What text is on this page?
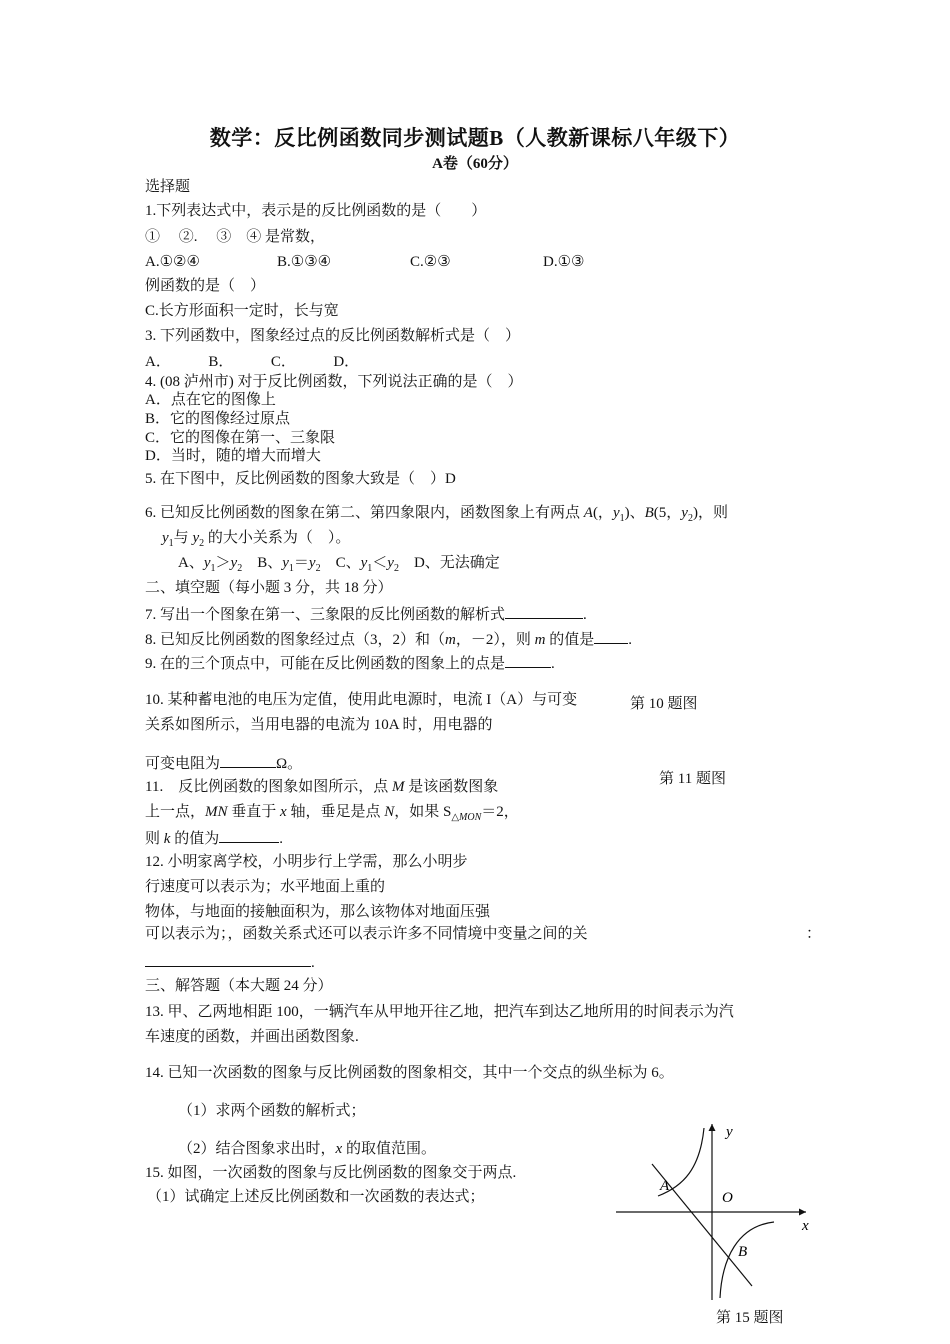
数学：反比例函数同步测试题B（人教新课标八年级下）
A卷（60分）
选择题
1.下列表达式中，表示是的反比例函数的是（　　）
①　 ②.　 ③　④ 是常数，
A.①②④	B.①③④	C.②③	D.①③
例函数的是（　）
C.长方形面积一定时，长与宽
3. 下列函数中，图象经过点的反比例函数解析式是（　）
A．　　　B．　　　C．　　　D．
4. (08 泸州市) 对于反比例函数，下列说法正确的是（　）
A．点在它的图像上
B．它的图像经过原点
C．它的图像在第一、三象限
D．当时，随的增大而增大
5. 在下图中，反比例函数的图象大致是（　）D
6. 已知反比例函数的图象在第二、第四象限内，函数图象上有两点 A(，$y_1$)、B(5，$y_2$)，则
$y_1$与 $y_2$ 的大小关系为（　）。
A、$y_1>y_2$　B、$y_1=y_2$　C、$y_1<y_2$　D、无法确定
二、填空题（每小题 3 分，共 18 分）
7. 写出一个图象在第一、三象限的反比例函数的解析式	.
8. 已知反比例函数的图象经过点（3，2）和（m，－2），则 m 的值是 .
9. 在的三个顶点中，可能在反比例函数的图象上的点是	.
10. 某种蓄电池的电压为定值，使用此电源时，电流 I（A）与可变	第 10 题图
关系如图所示，当用电器的电流为 10A 时，用电器的
可变电阻为	Ω。
11.　反比例函数的图象如图所示，点 M 是该函数图象	第 11 题图
上一点，MN 垂直于 x 轴，垂足是点 N，如果 $S_{\triangle MON}=2$，
则 k 的值为	.
12. 小明家离学校，小明步行上学需，那么小明步
行速度可以表示为；水平地面上重的
物体，与地面的接触面积为，那么该物体对地面压强
可以表示为；，函数关系式还可以表示许多不同情境中变量之间的关	：
.
三、解答题（本大题 24 分）
13. 甲、乙两地相距 100，一辆汽车从甲地开往乙地，把汽车到达乙地所用的时间表示为汽
车速度的函数，并画出函数图象.
14. 已知一次函数的图象与反比例函数的图象相交，其中一个交点的纵坐标为 6。
（1）求两个函数的解析式；
（2）结合图象求出时，x 的取值范围。
15. 如图，一次函数的图象与反比例函数的图象交于两点.
（1）试确定上述反比例函数和一次函数的表达式；
y
x
O
A
B
第 15 题图
